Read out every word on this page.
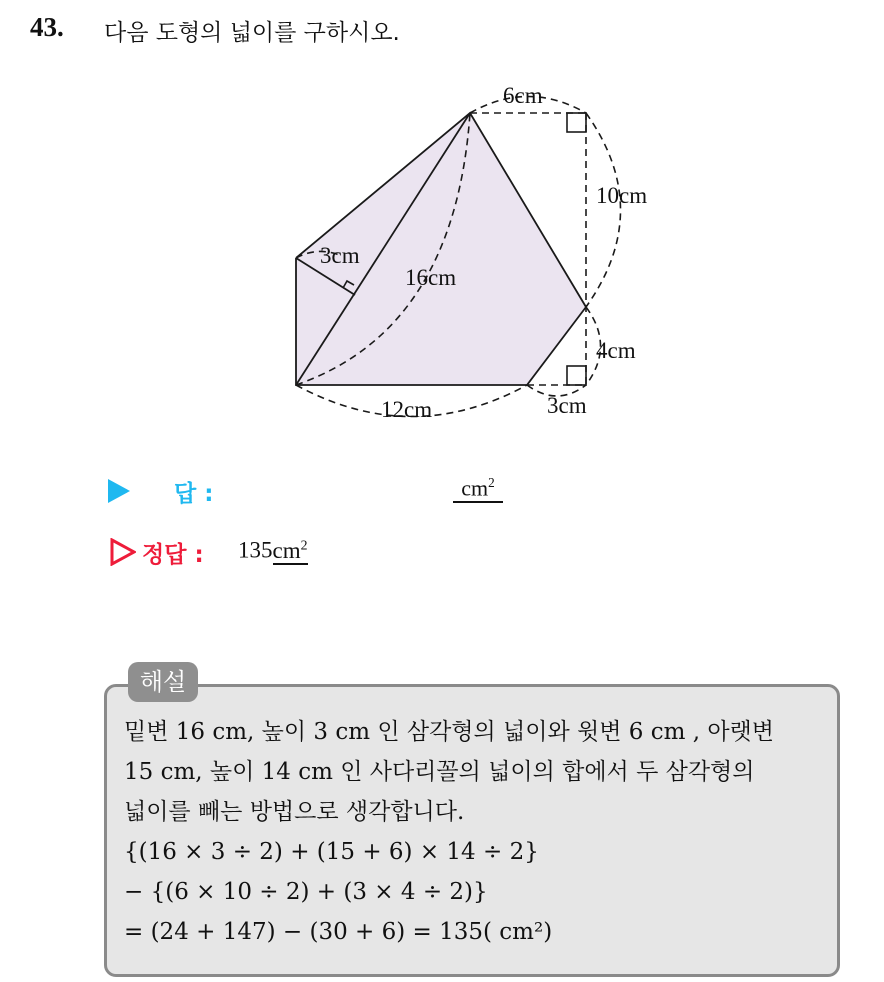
43. 다음 도형의 넓이를 구하시오.
6cm
10cm
4cm
3cm
12cm
16cm
3cm
답 :	$cm^2$
정답 : $135cm^2$
해설
밑변 16 cm, 높이 3 cm 인 삼각형의 넓이와 윗변 6 cm , 아랫변
15 cm, 높이 14 cm 인 사다리꼴의 넓이의 합에서 두 삼각형의
넓이를 빼는 방법으로 생각합니다.
{(16 × 3 ÷ 2) + (15 + 6) × 14 ÷ 2}
− {(6 × 10 ÷ 2) + (3 × 4 ÷ 2)}
= (24 + 147) − (30 + 6) = 135( cm²)
